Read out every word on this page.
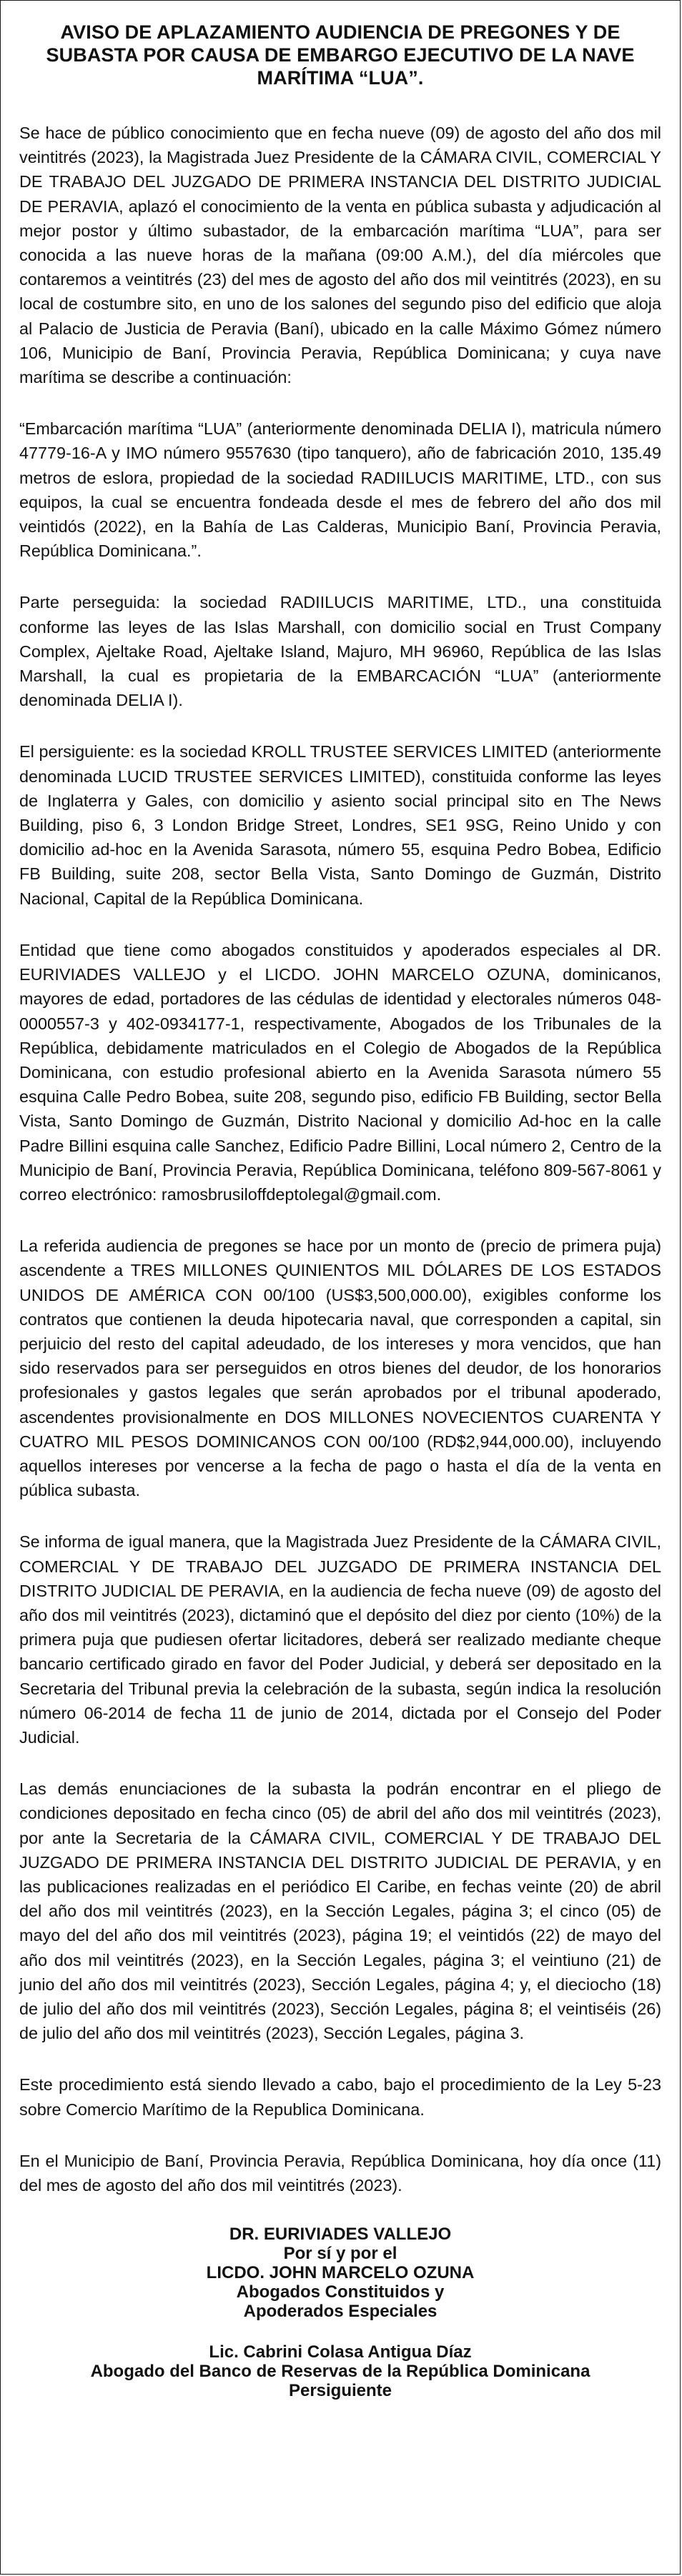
AVISO DE APLAZAMIENTO AUDIENCIA DE PREGONES Y DE SUBASTA POR CAUSA DE EMBARGO EJECUTIVO DE LA NAVE MARÍTIMA “LUA”.

Se hace de público conocimiento que en fecha nueve (09) de agosto del año dos mil veintitrés (2023), la Magistrada Juez Presidente de la CÁMARA CIVIL, COMERCIAL Y DE TRABAJO DEL JUZGADO DE PRIMERA INSTANCIA DEL DISTRITO JUDICIAL DE PERAVIA, aplazó el conocimiento de la venta en pública subasta y adjudicación al mejor postor y último subastador, de la embarcación marítima “LUA”, para ser conocida a las nueve horas de la mañana (09:00 A.M.), del día miércoles que contaremos a veintitrés (23) del mes de agosto del año dos mil veintitrés (2023), en su local de costumbre sito, en uno de los salones del segundo piso del edificio que aloja al Palacio de Justicia de Peravia (Baní), ubicado en la calle Máximo Gómez número 106, Municipio de Baní, Provincia Peravia, República Dominicana; y cuya nave marítima se describe a continuación:

“Embarcación marítima “LUA” (anteriormente denominada DELIA I), matricula número 47779-16-A y IMO número 9557630 (tipo tanquero), año de fabricación 2010, 135.49 metros de eslora, propiedad de la sociedad RADIILUCIS MARITIME, LTD., con sus equipos, la cual se encuentra fondeada desde el mes de febrero del año dos mil veintidós (2022), en la Bahía de Las Calderas, Municipio Baní, Provincia Peravia, República Dominicana.”.

Parte perseguida: la sociedad RADIILUCIS MARITIME, LTD., una constituida conforme las leyes de las Islas Marshall, con domicilio social en Trust Company Complex, Ajeltake Road, Ajeltake Island, Majuro, MH 96960, República de las Islas Marshall, la cual es propietaria de la EMBARCACIÓN “LUA” (anteriormente denominada DELIA I).

El persiguiente: es la sociedad KROLL TRUSTEE SERVICES LIMITED (anteriormente denominada LUCID TRUSTEE SERVICES LIMITED), constituida conforme las leyes de Inglaterra y Gales, con domicilio y asiento social principal sito en The News Building, piso 6, 3 London Bridge Street, Londres, SE1 9SG, Reino Unido y con domicilio ad-hoc en la Avenida Sarasota, número 55, esquina Pedro Bobea, Edificio FB Building, suite 208, sector Bella Vista, Santo Domingo de Guzmán, Distrito Nacional, Capital de la República Dominicana.

Entidad que tiene como abogados constituidos y apoderados especiales al DR. EURIVIADES VALLEJO y el LICDO. JOHN MARCELO OZUNA, dominicanos, mayores de edad, portadores de las cédulas de identidad y electorales números 048-0000557-3 y 402-0934177-1, respectivamente, Abogados de los Tribunales de la República, debidamente matriculados en el Colegio de Abogados de la República Dominicana, con estudio profesional abierto en la Avenida Sarasota número 55 esquina Calle Pedro Bobea, suite 208, segundo piso, edificio FB Building, sector Bella Vista, Santo Domingo de Guzmán, Distrito Nacional y domicilio Ad-hoc en la calle Padre Billini esquina calle Sanchez, Edificio Padre Billini, Local número 2, Centro de la Municipio de Baní, Provincia Peravia, República Dominicana, teléfono 809-567-8061 y correo electrónico: ramosbrusiloffdeptolegal@gmail.com.

La referida audiencia de pregones se hace por un monto de (precio de primera puja) ascendente a TRES MILLONES QUINIENTOS MIL DÓLARES DE LOS ESTADOS UNIDOS DE AMÉRICA CON 00/100 (US$3,500,000.00), exigibles conforme los contratos que contienen la deuda hipotecaria naval, que corresponden a capital, sin perjuicio del resto del capital adeudado, de los intereses y mora vencidos, que han sido reservados para ser perseguidos en otros bienes del deudor, de los honorarios profesionales y gastos legales que serán aprobados por el tribunal apoderado, ascendentes provisionalmente en DOS MILLONES NOVECIENTOS CUARENTA Y CUATRO MIL PESOS DOMINICANOS CON 00/100 (RD$2,944,000.00), incluyendo aquellos intereses por vencerse a la fecha de pago o hasta el día de la venta en pública subasta.

Se informa de igual manera, que la Magistrada Juez Presidente de la CÁMARA CIVIL, COMERCIAL Y DE TRABAJO DEL JUZGADO DE PRIMERA INSTANCIA DEL DISTRITO JUDICIAL DE PERAVIA, en la audiencia de fecha nueve (09) de agosto del año dos mil veintitrés (2023), dictaminó que el depósito del diez por ciento (10%) de la primera puja que pudiesen ofertar licitadores, deberá ser realizado mediante cheque bancario certificado girado en favor del Poder Judicial, y deberá ser depositado en la Secretaria del Tribunal previa la celebración de la subasta, según indica la resolución número 06-2014 de fecha 11 de junio de 2014, dictada por el Consejo del Poder Judicial.

Las demás enunciaciones de la subasta la podrán encontrar en el pliego de condiciones depositado en fecha cinco (05) de abril del año dos mil veintitrés (2023), por ante la Secretaria de la CÁMARA CIVIL, COMERCIAL Y DE TRABAJO DEL JUZGADO DE PRIMERA INSTANCIA DEL DISTRITO JUDICIAL DE PERAVIA, y en las publicaciones realizadas en el periódico El Caribe, en fechas veinte (20) de abril del año dos mil veintitrés (2023), en la Sección Legales, página 3; el cinco (05) de mayo del del año dos mil veintitrés (2023), página 19; el veintidós (22) de mayo del año dos mil veintitrés (2023), en la Sección Legales, página 3; el veintiuno (21) de junio del año dos mil veintitrés (2023), Sección Legales, página 4; y, el dieciocho (18) de julio del año dos mil veintitrés (2023), Sección Legales, página 8; el veintiséis (26) de julio del año dos mil veintitrés (2023), Sección Legales, página 3.

Este procedimiento está siendo llevado a cabo, bajo el procedimiento de la Ley 5-23 sobre Comercio Marítimo de la Republica Dominicana.

En el Municipio de Baní, Provincia Peravia, República Dominicana, hoy día once (11) del mes de agosto del año dos mil veintitrés (2023).

DR. EURIVIADES VALLEJO
Por sí y por el
LICDO. JOHN MARCELO OZUNA
Abogados Constituidos y
Apoderados Especiales
Lic. Cabrini Colasa Antigua Díaz
Abogado del Banco de Reservas de la República Dominicana
Persiguiente
